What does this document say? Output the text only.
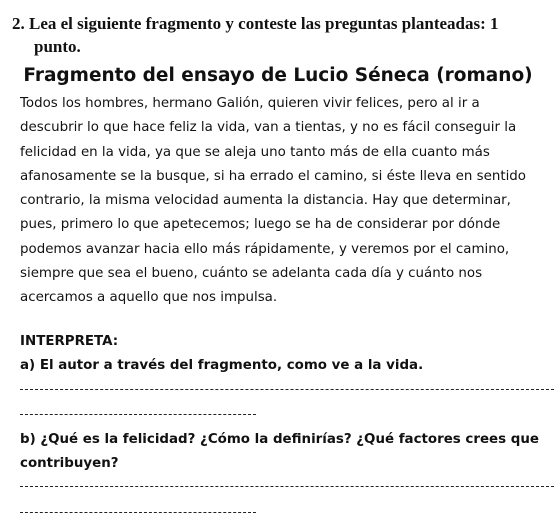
2. Lea el siguiente fragmento y conteste las preguntas planteadas: 1
punto.
Fragmento del ensayo de Lucio Séneca (romano)
Todos los hombres, hermano Galión, quieren vivir felices, pero al ir a
descubrir lo que hace feliz la vida, van a tientas, y no es fácil conseguir la
felicidad en la vida, ya que se aleja uno tanto más de ella cuanto más
afanosamente se la busque, si ha errado el camino, si éste lleva en sentido
contrario, la misma velocidad aumenta la distancia. Hay que determinar,
pues, primero lo que apetecemos; luego se ha de considerar por dónde
podemos avanzar hacia ello más rápidamente, y veremos por el camino,
siempre que sea el bueno, cuánto se adelanta cada día y cuánto nos
acercamos a aquello que nos impulsa.
INTERPRETA:
a) El autor a través del fragmento, como ve a la vida.
b) ¿Qué es la felicidad? ¿Cómo la definirías? ¿Qué factores crees que
contribuyen?
